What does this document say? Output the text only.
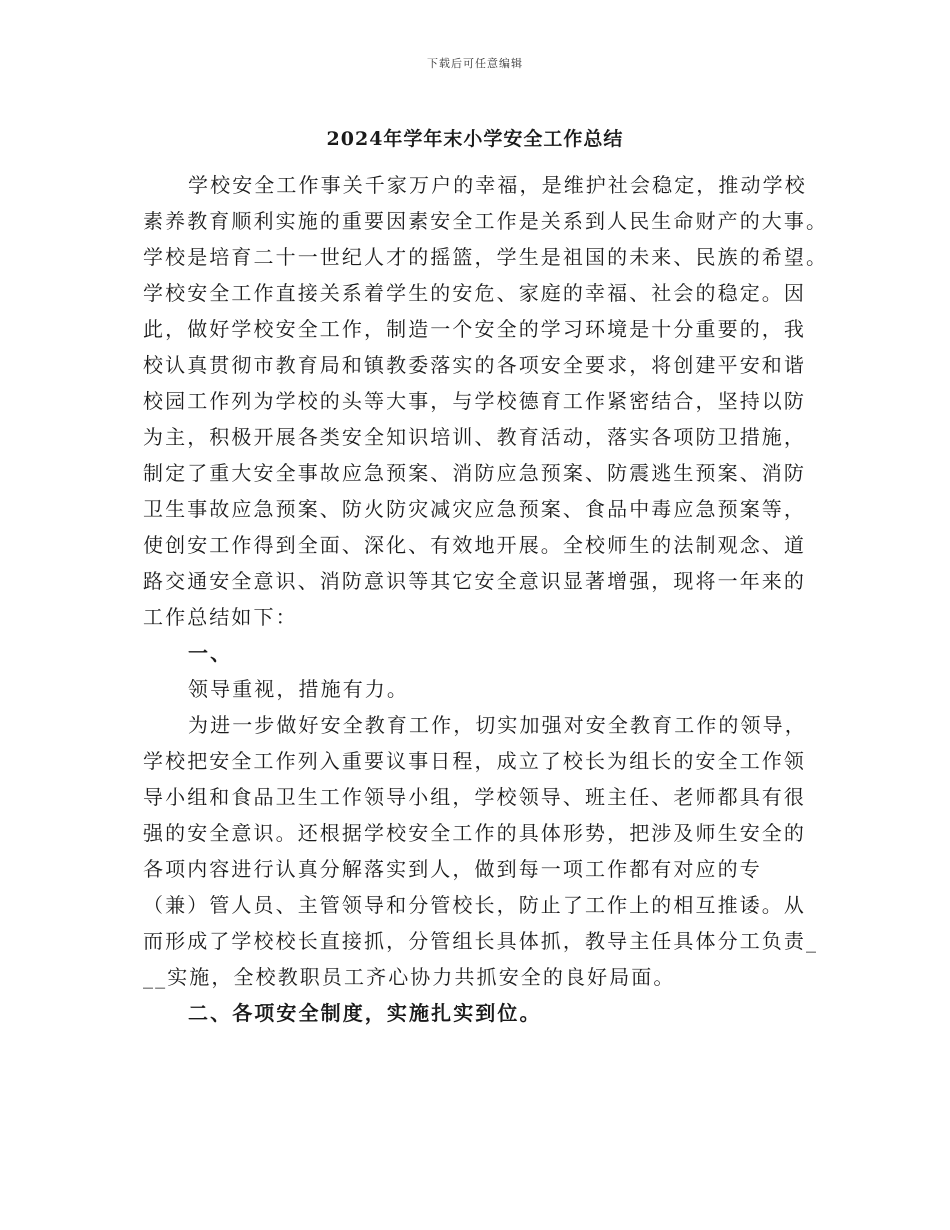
下载后可任意编辑
2024年学年末小学安全工作总结
学校安全工作事关千家万户的幸福，是维护社会稳定，推动学校
素养教育顺利实施的重要因素安全工作是关系到人民生命财产的大事。
学校是培育二十一世纪人才的摇篮，学生是祖国的未来、民族的希望。
学校安全工作直接关系着学生的安危、家庭的幸福、社会的稳定。因
此，做好学校安全工作，制造一个安全的学习环境是十分重要的，我
校认真贯彻市教育局和镇教委落实的各项安全要求，将创建平安和谐
校园工作列为学校的头等大事，与学校德育工作紧密结合，坚持以防
为主，积极开展各类安全知识培训、教育活动，落实各项防卫措施，
制定了重大安全事故应急预案、消防应急预案、防震逃生预案、消防
卫生事故应急预案、防火防灾减灾应急预案、食品中毒应急预案等，
使创安工作得到全面、深化、有效地开展。全校师生的法制观念、道
路交通安全意识、消防意识等其它安全意识显著增强，现将一年来的
工作总结如下：
一、
领导重视，措施有力。
为进一步做好安全教育工作，切实加强对安全教育工作的领导，
学校把安全工作列入重要议事日程，成立了校长为组长的安全工作领
导小组和食品卫生工作领导小组，学校领导、班主任、老师都具有很
强的安全意识。还根据学校安全工作的具体形势，把涉及师生安全的
各项内容进行认真分解落实到人，做到每一项工作都有对应的专
（兼）管人员、主管领导和分管校长，防止了工作上的相互推诿。从
而形成了学校校长直接抓，分管组长具体抓，教导主任具体分工负责_
__实施，全校教职员工齐心协力共抓安全的良好局面。
二、各项安全制度，实施扎实到位。
